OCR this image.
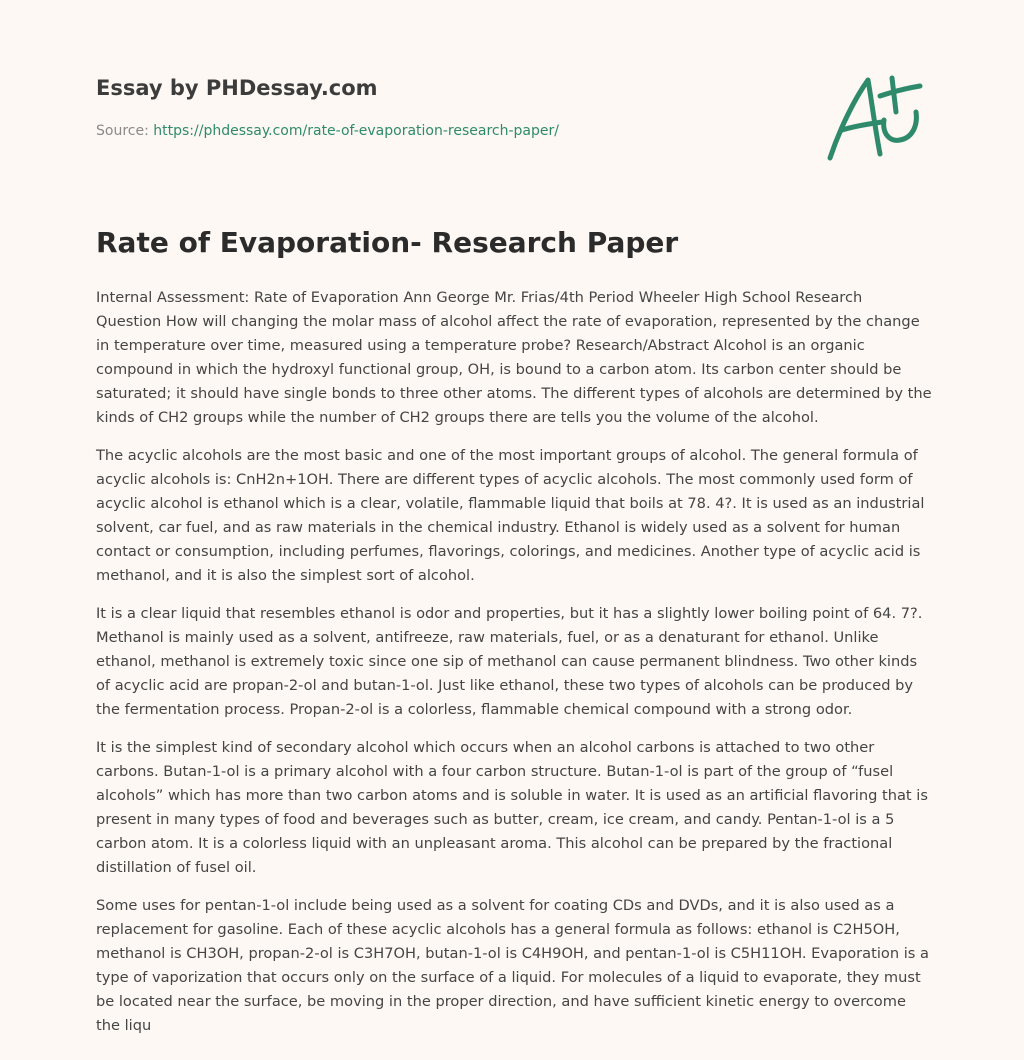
Essay by PHDessay.com
Source: https://phdessay.com/rate-of-evaporation-research-paper/
Rate of Evaporation- Research Paper

Internal Assessment: Rate of Evaporation Ann George Mr. Frias/4th Period Wheeler High School Research Question How will changing the molar mass of alcohol affect the rate of evaporation, represented by the change in temperature over time, measured using a temperature probe? Research/Abstract Alcohol is an organic compound in which the hydroxyl functional group, OH, is bound to a carbon atom. Its carbon center should be saturated; it should have single bonds to three other atoms. The different types of alcohols are determined by the kinds of CH2 groups while the number of CH2 groups there are tells you the volume of the alcohol.

The acyclic alcohols are the most basic and one of the most important groups of alcohol. The general formula of acyclic alcohols is: CnH2n+1OH. There are different types of acyclic alcohols. The most commonly used form of acyclic alcohol is ethanol which is a clear, volatile, flammable liquid that boils at 78. 4?. It is used as an industrial solvent, car fuel, and as raw materials in the chemical industry. Ethanol is widely used as a solvent for human contact or consumption, including perfumes, flavorings, colorings, and medicines. Another type of acyclic acid is methanol, and it is also the simplest sort of alcohol.

It is a clear liquid that resembles ethanol is odor and properties, but it has a slightly lower boiling point of 64. 7?. Methanol is mainly used as a solvent, antifreeze, raw materials, fuel, or as a denaturant for ethanol. Unlike ethanol, methanol is extremely toxic since one sip of methanol can cause permanent blindness. Two other kinds of acyclic acid are propan-2-ol and butan-1-ol. Just like ethanol, these two types of alcohols can be produced by the fermentation process. Propan-2-ol is a colorless, flammable chemical compound with a strong odor.

It is the simplest kind of secondary alcohol which occurs when an alcohol carbons is attached to two other carbons. Butan-1-ol is a primary alcohol with a four carbon structure. Butan-1-ol is part of the group of “fusel alcohols” which has more than two carbon atoms and is soluble in water. It is used as an artificial flavoring that is present in many types of food and beverages such as butter, cream, ice cream, and candy. Pentan-1-ol is a 5 carbon atom. It is a colorless liquid with an unpleasant aroma. This alcohol can be prepared by the fractional distillation of fusel oil.

Some uses for pentan-1-ol include being used as a solvent for coating CDs and DVDs, and it is also used as a replacement for gasoline. Each of these acyclic alcohols has a general formula as follows: ethanol is C2H5OH, methanol is CH3OH, propan-2-ol is C3H7OH, butan-1-ol is C4H9OH, and pentan-1-ol is C5H11OH. Evaporation is a type of vaporization that occurs only on the surface of a liquid. For molecules of a liquid to evaporate, they must be located near the surface, be moving in the proper direction, and have sufficient kinetic energy to overcome the liqu
